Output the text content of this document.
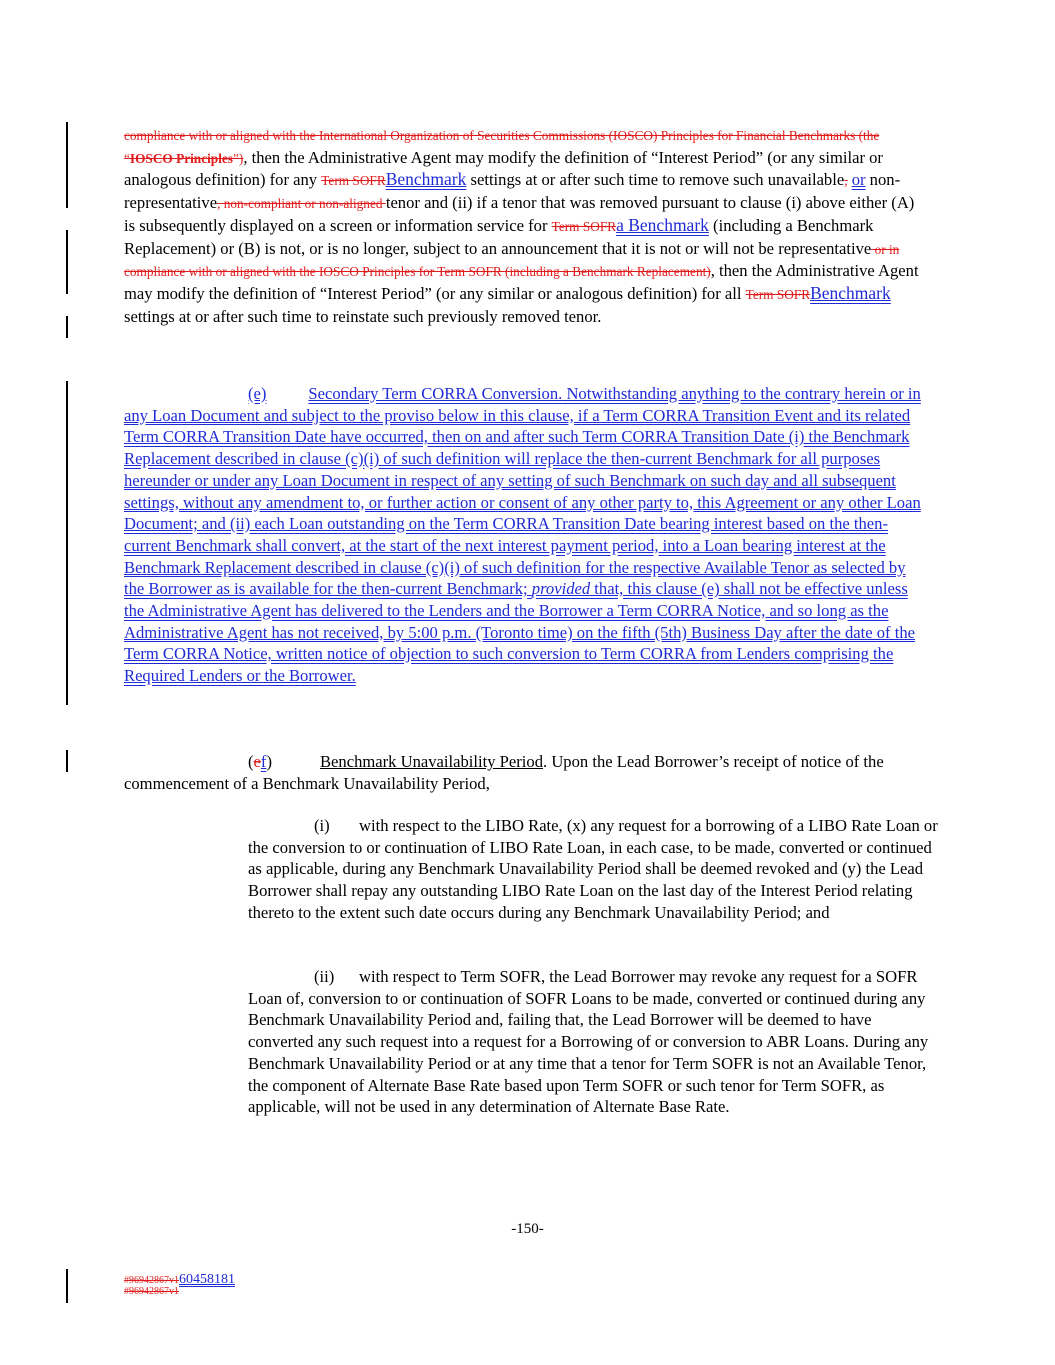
compliance with or aligned with the International Organization of Securities Commissions (IOSCO) Principles for Financial Benchmarks (the “IOSCO Principles”), then the Administrative Agent may modify the definition of “Interest Period” (or any similar or analogous definition) for any Term SOFRBenchmark settings at or after such time to remove such unavailable, or non-representative, non-compliant or non-aligned tenor and (ii) if a tenor that was removed pursuant to clause (i) above either (A) is subsequently displayed on a screen or information service for Term SOFRa Benchmark (including a Benchmark Replacement) or (B) is not, or is no longer, subject to an announcement that it is not or will not be representative or in compliance with or aligned with the IOSCO Principles for Term SOFR (including a Benchmark Replacement), then the Administrative Agent may modify the definition of “Interest Period” (or any similar or analogous definition) for all Term SOFRBenchmark settings at or after such time to reinstate such previously removed tenor.

(e)	Secondary Term CORRA Conversion. Notwithstanding anything to the contrary herein or in any Loan Document and subject to the proviso below in this clause, if a Term CORRA Transition Event and its related Term CORRA Transition Date have occurred, then on and after such Term CORRA Transition Date (i) the Benchmark Replacement described in clause (c)(i) of such definition will replace the then-current Benchmark for all purposes hereunder or under any Loan Document in respect of any setting of such Benchmark on such day and all subsequent settings, without any amendment to, or further action or consent of any other party to, this Agreement or any other Loan Document; and (ii) each Loan outstanding on the Term CORRA Transition Date bearing interest based on the then-current Benchmark shall convert, at the start of the next interest payment period, into a Loan bearing interest at the Benchmark Replacement described in clause (c)(i) of such definition for the respective Available Tenor as selected by the Borrower as is available for the then-current Benchmark; provided that, this clause (e) shall not be effective unless the Administrative Agent has delivered to the Lenders and the Borrower a Term CORRA Notice, and so long as the Administrative Agent has not received, by 5:00 p.m. (Toronto time) on the fifth (5th) Business Day after the date of the Term CORRA Notice, written notice of objection to such conversion to Term CORRA from Lenders comprising the Required Lenders or the Borrower.

(ef)	Benchmark Unavailability Period. Upon the Lead Borrower’s receipt of notice of the commencement of a Benchmark Unavailability Period,

(i) with respect to the LIBO Rate, (x) any request for a borrowing of a LIBO Rate Loan or the conversion to or continuation of LIBO Rate Loan, in each case, to be made, converted or continued as applicable, during any Benchmark Unavailability Period shall be deemed revoked and (y) the Lead Borrower shall repay any outstanding LIBO Rate Loan on the last day of the Interest Period relating thereto to the extent such date occurs during any Benchmark Unavailability Period; and

(ii) with respect to Term SOFR, the Lead Borrower may revoke any request for a SOFR Loan of, conversion to or continuation of SOFR Loans to be made, converted or continued during any Benchmark Unavailability Period and, failing that, the Lead Borrower will be deemed to have converted any such request into a request for a Borrowing of or conversion to ABR Loans. During any Benchmark Unavailability Period or at any time that a tenor for Term SOFR is not an Available Tenor, the component of Alternate Base Rate based upon Term SOFR or such tenor for Term SOFR, as applicable, will not be used in any determination of Alternate Base Rate.

-150-
#96942867v160458181
#96942867v1
